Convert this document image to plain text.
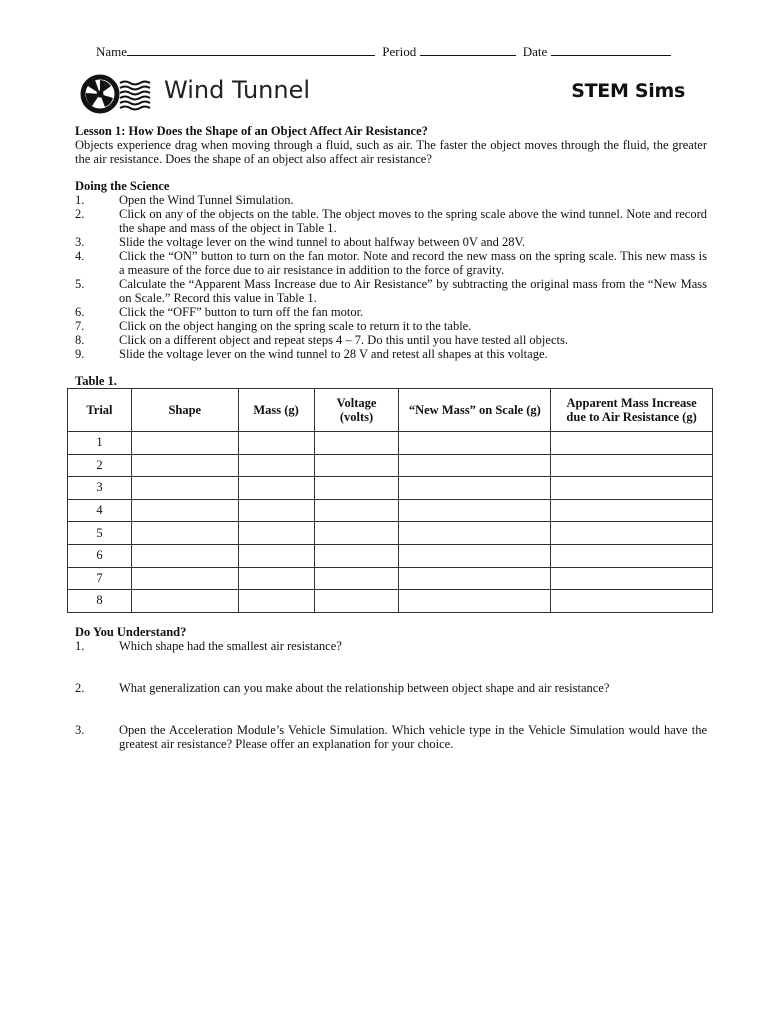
Name	Period	Date
Wind Tunnel	STEM Sims

Lesson 1: How Does the Shape of an Object Affect Air Resistance?

Objects experience drag when moving through a fluid, such as air. The faster the object moves through the fluid, the greater the air resistance. Does the shape of an object also affect air resistance?

Doing the Science

1.	Open the Wind Tunnel Simulation.
2.	Click on any of the objects on the table. The object moves to the spring scale above the wind tunnel. Note and record the shape and mass of the object in Table 1.
3.	Slide the voltage lever on the wind tunnel to about halfway between 0V and 28V.
4.	Click the “ON” button to turn on the fan motor. Note and record the new mass on the spring scale. This new mass is a measure of the force due to air resistance in addition to the force of gravity.
5.	Calculate the “Apparent Mass Increase due to Air Resistance” by subtracting the original mass from the “New Mass on Scale.” Record this value in Table 1.
6.	Click the “OFF” button to turn off the fan motor.
7.	Click on the object hanging on the spring scale to return it to the table.
8.	Click on a different object and repeat steps 4 – 7. Do this until you have tested all objects.
9.	Slide the voltage lever on the wind tunnel to 28 V and retest all shapes at this voltage.
Table 1.
Trial	Shape	Mass (g)	Voltage (volts)	“New Mass” on Scale (g)	Apparent Mass Increase due to Air Resistance (g)
1					
2					
3					
4					
5					
6					
7					
8					

Do You Understand?

1.	Which shape had the smallest air resistance?
2.	What generalization can you make about the relationship between object shape and air resistance?
3.	Open the Acceleration Module’s Vehicle Simulation. Which vehicle type in the Vehicle Simulation would have the greatest air resistance? Please offer an explanation for your choice.
